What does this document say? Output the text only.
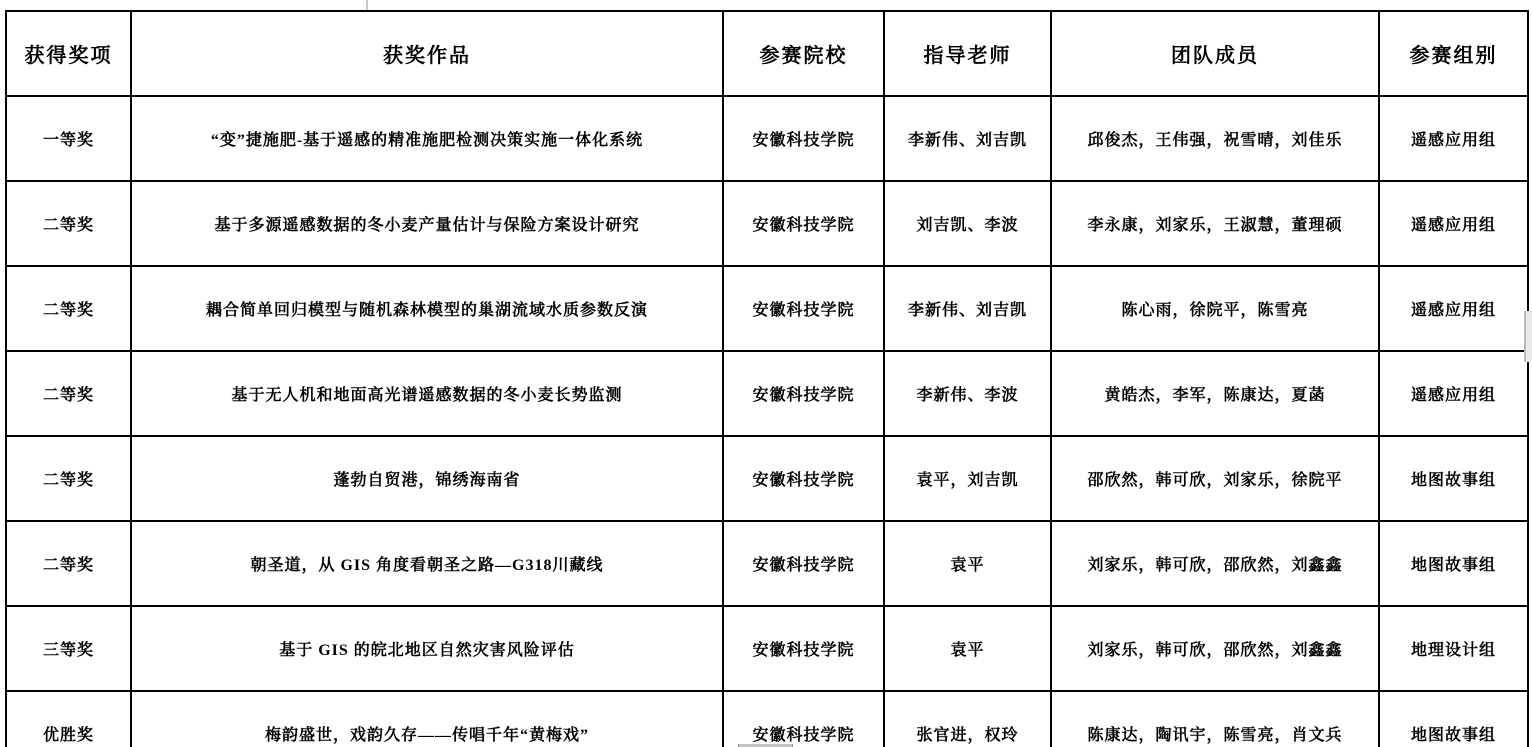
获得奖项	获奖作品	参赛院校	指导老师	团队成员	参赛组别
一等奖	“变”捷施肥-基于遥感的精准施肥检测决策实施一体化系统	安徽科技学院	李新伟、刘吉凯	邱俊杰，王伟强，祝雪晴，刘佳乐	遥感应用组
二等奖	基于多源遥感数据的冬小麦产量估计与保险方案设计研究	安徽科技学院	刘吉凯、李波	李永康，刘家乐，王淑慧，董理硕	遥感应用组
二等奖	耦合简单回归模型与随机森林模型的巢湖流域水质参数反演	安徽科技学院	李新伟、刘吉凯	陈心雨，徐院平，陈雪亮	遥感应用组
二等奖	基于无人机和地面高光谱遥感数据的冬小麦长势监测	安徽科技学院	李新伟、李波	黄皓杰，李军，陈康达，夏菡	遥感应用组
二等奖	蓬勃自贸港，锦绣海南省	安徽科技学院	袁平，刘吉凯	邵欣然，韩可欣，刘家乐，徐院平	地图故事组
二等奖	朝圣道，从 GIS 角度看朝圣之路—G318川藏线	安徽科技学院	袁平	刘家乐，韩可欣，邵欣然，刘鑫鑫	地图故事组
三等奖	基于 GIS 的皖北地区自然灾害风险评估	安徽科技学院	袁平	刘家乐，韩可欣，邵欣然，刘鑫鑫	地理设计组
优胜奖	梅韵盛世，戏韵久存——传唱千年“黄梅戏”	安徽科技学院	张官进，权玲	陈康达，陶讯宇，陈雪亮，肖文兵	地图故事组
